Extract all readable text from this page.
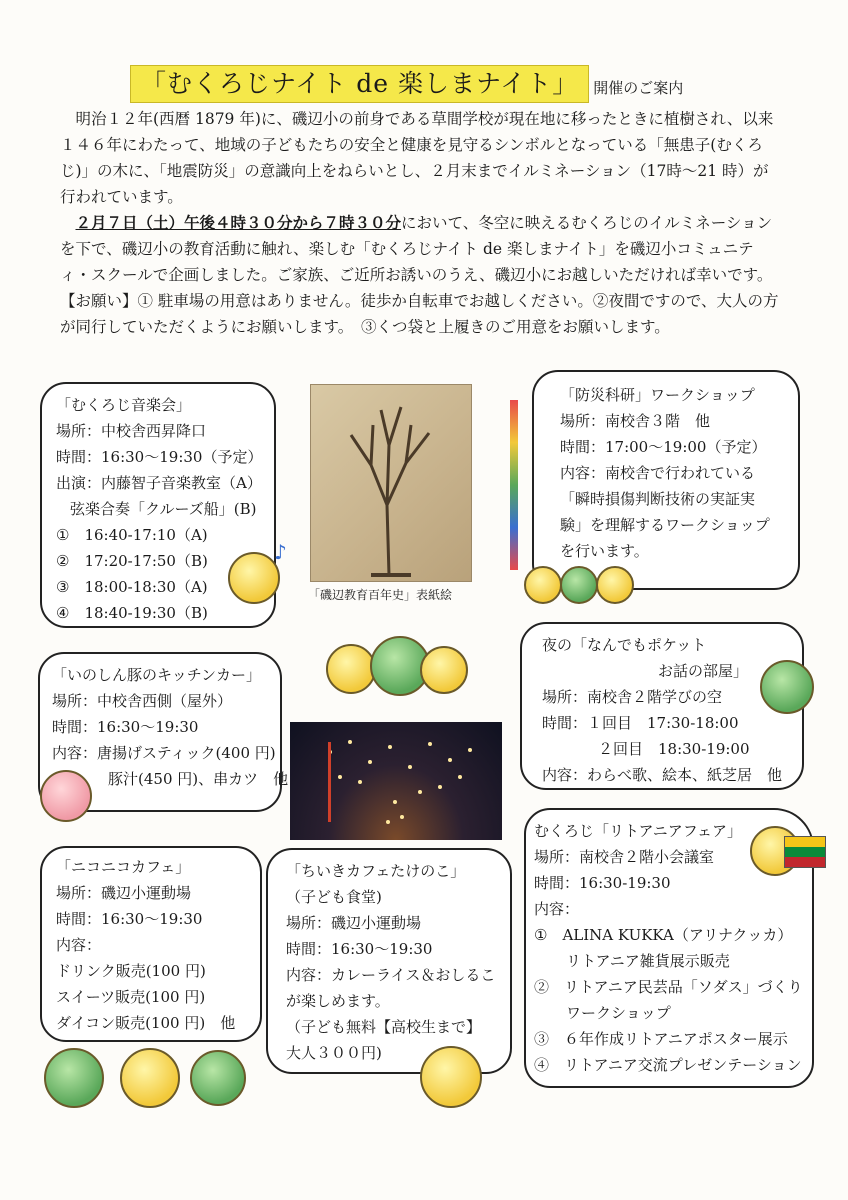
「むくろじナイト de 楽しまナイト」	開催のご案内

明治１２年(西暦 1879 年)に、磯辺小の前身である草間学校が現在地に移ったときに植樹され、以来１４６年にわたって、地域の子どもたちの安全と健康を見守るシンボルとなっている「無患子(むくろじ)」の木に、「地震防災」の意識向上をねらいとし、２月末までイルミネーション（17時～21 時）が行われています。

２月７日（土）午後４時３０分から７時３０分において、冬空に映えるむくろじのイルミネーションを下で、磯辺小の教育活動に触れ、楽しむ「むくろじナイト de 楽しまナイト」を磯辺小コミュニティ・スクールで企画しました。ご家族、ご近所お誘いのうえ、磯辺小にお越しいただければ幸いです。

【お願い】① 駐車場の用意はありません。徒歩か自転車でお越しください。②夜間ですので、大人の方が同行していただくようにお願いします。　③くつ袋と上履きのご用意をお願いします。

「むくろじ音楽会」
場所：中校舎西昇降口
時間：16:30～19:30（予定）
出演：内藤智子音楽教室（A）
弦楽合奏「クルーズ船」(B)
①　16:40-17:10（A)
②　17:20-17:50（B)
③　18:00-18:30（A)
④　18:40-19:30（B)
♪
「磯辺教育百年史」表紙絵
「防災科研」ワークショップ
場所：南校舎３階　他
時間：17:00～19:00（予定）
内容：南校舎で行われている
「瞬時損傷判断技術の実証実
験」を理解するワークショップ
を行います。
「いのしん豚のキッチンカー」
場所：中校舎西側（屋外）
時間：16:30～19:30
内容：唐揚げスティック(400 円)
豚汁(450 円)、串カツ　他
夜の「なんでもポケット
お話の部屋」
場所：南校舎２階学びの空
時間：１回目　17:30-18:00
２回目　18:30-19:00
内容：わらべ歌、絵本、紙芝居　他
「ニコニコカフェ」
場所：磯辺小運動場
時間：16:30～19:30
内容：
ドリンク販売(100 円)
スイーツ販売(100 円)
ダイコン販売(100 円)　他
「ちいきカフェたけのこ」
（子ども食堂)
場所：磯辺小運動場
時間：16:30～19:30
内容：カレーライス＆おしるこ
が楽しめます。
（子ども無料【高校生まで】
大人３００円)
むくろじ「リトアニアフェア」
場所：南校舎２階小会議室
時間：16:30-19:30
内容：
①　ALINA KUKKA（アリナクッカ）
リトアニア雑貨展示販売
②　リトアニア民芸品「ソダス」づくり
ワークショップ
③　６年作成リトアニアポスター展示
④　リトアニア交流プレゼンテーション
